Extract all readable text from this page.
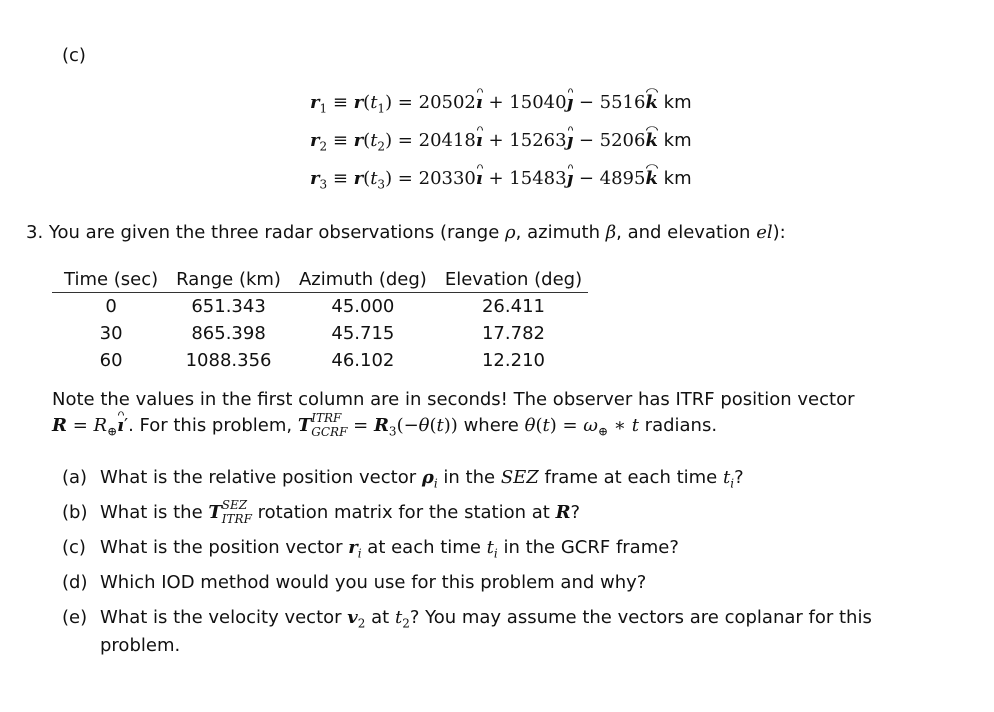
(c)
$r_1 \equiv r(t_1)$ = 20502ı + 15040ȷ − 5516k km
$r_2 \equiv r(t_2)$ = 20418ı + 15263ȷ − 5206k km
$r_3 \equiv r(t_3)$ = 20330ı + 15483ȷ − 4895k km
3. You are given the three radar observations (range ρ, azimuth β, and elevation el):
Time (sec)	Range (km)	Azimuth (deg)	Elevation (deg)
0	651.343	45.000	26.411
30	865.398	45.715	17.782
60	1088.356	46.102	12.210
Note the values in the first column are in seconds! The observer has ITRF position vector
$R = R_\oplus ı'$. For this problem, T $_{ITRF GCRF} = R_3(-\theta(t))$ where $\theta(t) = \omega_\oplus$ ∗ t radians.
(a) What is the relative position vector $\rho_i$ in the SEZ frame at each time $t_i$?
(b) What is the T $_{SEZ ITRF}$ rotation matrix for the station at R?
(c) What is the position vector $r_i$ at each time $t_i$ in the GCRF frame?
(d) Which IOD method would you use for this problem and why?
(e) What is the velocity vector $v_2$ at $t_2$? You may assume the vectors are coplanar for this
problem.
